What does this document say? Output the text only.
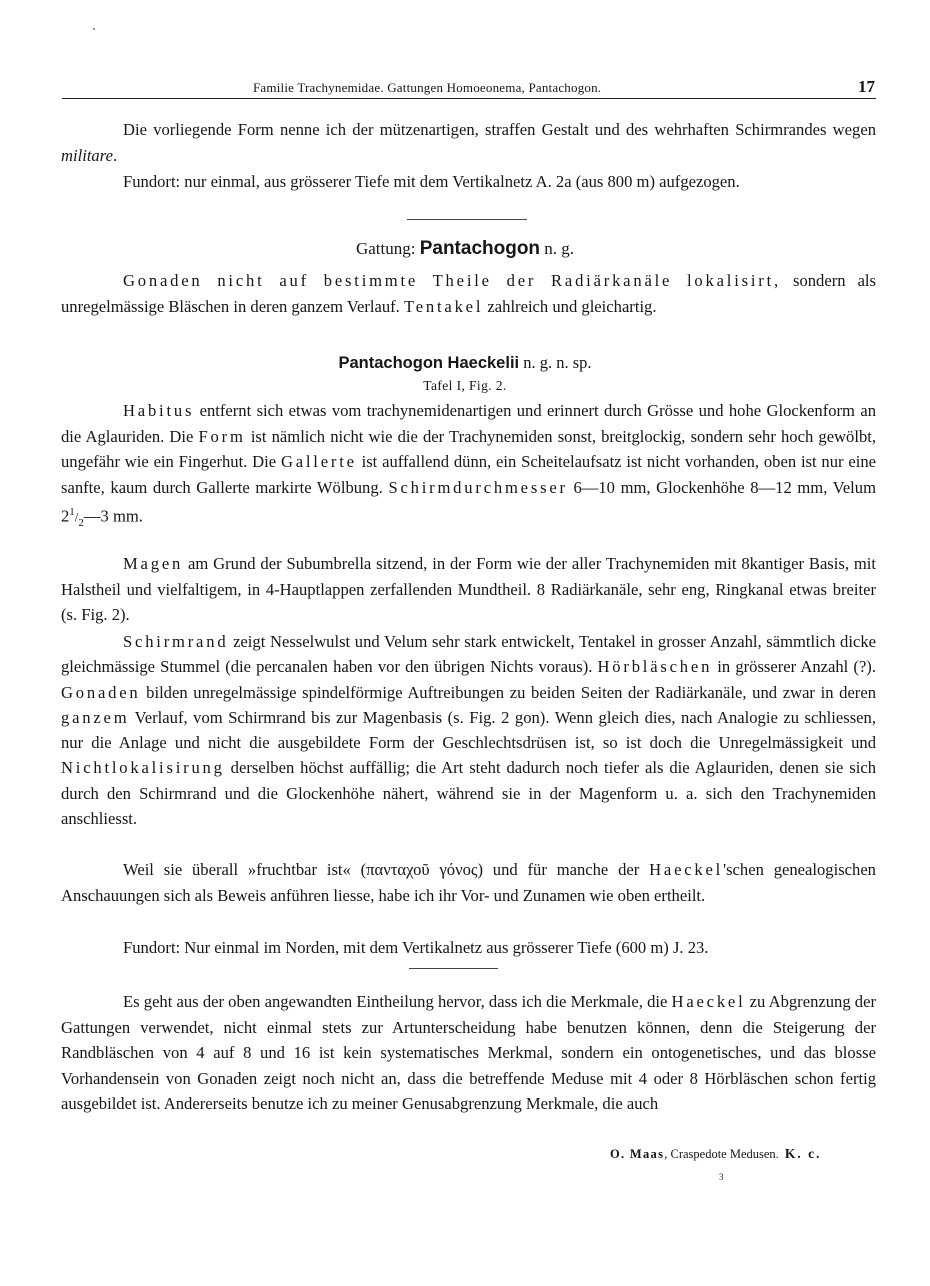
Familie Trachynemidae. Gattungen Homoeonema, Pantachogon.	17
Die vorliegende Form nenne ich der mützenartigen, straffen Gestalt und des wehrhaften Schirmrandes wegen militare.
Fundort: nur einmal, aus grösserer Tiefe mit dem Vertikalnetz A. 2a (aus 800 m) aufgezogen.
Gattung: Pantachogon n. g.
Gonaden nicht auf bestimmte Theile der Radiärkanäle lokalisirt, sondern als unregelmässige Bläschen in deren ganzem Verlauf. Tentakel zahlreich und gleichartig.
Pantachogon Haeckelii n. g. n. sp.
Tafel I, Fig. 2.
Habitus entfernt sich etwas vom trachynemidenartigen und erinnert durch Grösse und hohe Glockenform an die Aglauriden. Die Form ist nämlich nicht wie die der Trachynemiden sonst, breitglockig, sondern sehr hoch gewölbt, ungefähr wie ein Fingerhut. Die Gallerte ist auffallend dünn, ein Scheitelaufsatz ist nicht vorhanden, oben ist nur eine sanfte, kaum durch Gallerte markirte Wölbung. Schirmdurchmesser 6—10 mm, Glockenhöhe 8—12 mm, Velum $2^1/_2—3$ mm.
Magen am Grund der Subumbrella sitzend, in der Form wie der aller Trachynemiden mit 8kantiger Basis, mit Halstheil und vielfaltigem, in 4-Hauptlappen zerfallenden Mundtheil. 8 Radiärkanäle, sehr eng, Ringkanal etwas breiter (s. Fig. 2).
Schirmrand zeigt Nesselwulst und Velum sehr stark entwickelt, Tentakel in grosser Anzahl, sämmtlich dicke gleichmässige Stummel (die percanalen haben vor den übrigen Nichts voraus). Hörbläschen in grösserer Anzahl (?). Gonaden bilden unregelmässige spindelförmige Auftreibungen zu beiden Seiten der Radiärkanäle, und zwar in deren ganzem Verlauf, vom Schirmrand bis zur Magenbasis (s. Fig. 2 gon). Wenn gleich dies, nach Analogie zu schliessen, nur die Anlage und nicht die ausgebildete Form der Geschlechtsdrüsen ist, so ist doch die Unregelmässigkeit und Nichtlokalisirung derselben höchst auffällig; die Art steht dadurch noch tiefer als die Aglauriden, denen sie sich durch den Schirmrand und die Glockenhöhe nähert, während sie in der Magenform u. a. sich den Trachynemiden anschliesst.
Weil sie überall »fruchtbar ist« (πανταχοῦ γόνος) und für manche der Haeckel'schen genealogischen Anschauungen sich als Beweis anführen liesse, habe ich ihr Vor- und Zunamen wie oben ertheilt.
Fundort: Nur einmal im Norden, mit dem Vertikalnetz aus grösserer Tiefe (600 m) J. 23.
Es geht aus der oben angewandten Eintheilung hervor, dass ich die Merkmale, die Haeckel zu Abgrenzung der Gattungen verwendet, nicht einmal stets zur Artunterscheidung habe benutzen können, denn die Steigerung der Randbläschen von 4 auf 8 und 16 ist kein systematisches Merkmal, sondern ein ontogenetisches, und das blosse Vorhandensein von Gonaden zeigt noch nicht an, dass die betreffende Meduse mit 4 oder 8 Hörbläschen schon fertig ausgebildet ist. Andererseits benutze ich zu meiner Genusabgrenzung Merkmale, die auch
O. Maas, Craspedote Medusen. K. c.
3
